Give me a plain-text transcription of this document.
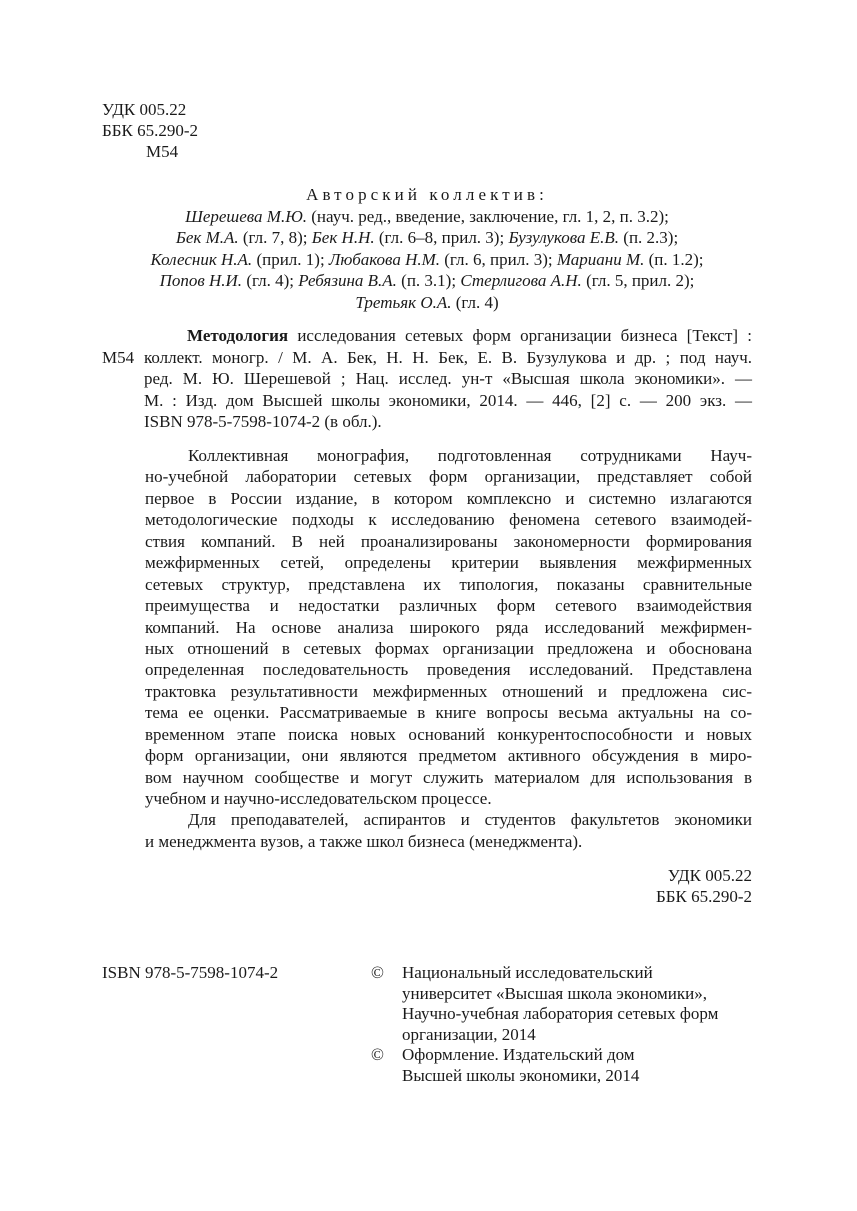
УДК 005.22
ББК 65.290-2
М54
Авторский коллектив:
Шерешева М.Ю. (науч. ред., введение, заключение, гл. 1, 2, п. 3.2);
Бек М.А. (гл. 7, 8); Бек Н.Н. (гл. 6–8, прил. 3); Бузулукова Е.В. (п. 2.3);
Колесник Н.А. (прил. 1); Любакова Н.М. (гл. 6, прил. 3); Мариани М. (п. 1.2);
Попов Н.И. (гл. 4); Ребязина В.А. (п. 3.1); Стерлигова А.Н. (гл. 5, прил. 2);
Третьяк О.А. (гл. 4)
М54
Методология исследования сетевых форм организации бизнеса [Текст] :
коллект. моногр. / М. А. Бек, Н. Н. Бек, Е. В. Бузулукова и др. ; под науч.
ред. М. Ю. Шерешевой ; Нац. исслед. ун-т «Высшая школа экономики». —
М. : Изд. дом Высшей школы экономики, 2014. — 446, [2] с. — 200 экз. —
ISBN 978-5-7598-1074-2 (в обл.).
Коллективная монография, подготовленная сотрудниками Науч-
но-учебной лаборатории сетевых форм организации, представляет собой
первое в России издание, в котором комплексно и системно излагаются
методологические подходы к исследованию феномена сетевого взаимодей-
ствия компаний. В ней проанализированы закономерности формирования
межфирменных сетей, определены критерии выявления межфирменных
сетевых структур, представлена их типология, показаны сравнительные
преимущества и недостатки различных форм сетевого взаимодействия
компаний. На основе анализа широкого ряда исследований межфирмен-
ных отношений в сетевых формах организации предложена и обоснована
определенная последовательность проведения исследований. Представлена
трактовка результативности межфирменных отношений и предложена сис-
тема ее оценки. Рассматриваемые в книге вопросы весьма актуальны на со-
временном этапе поиска новых оснований конкурентоспособности и новых
форм организации, они являются предметом активного обсуждения в миро-
вом научном сообществе и могут служить материалом для использования в
учебном и научно-исследовательском процессе.
Для преподавателей, аспирантов и студентов факультетов экономики
и менеджмента вузов, а также школ бизнеса (менеджмента).
УДК 005.22
ББК 65.290-2
ISBN 978-5-7598-1074-2	© Национальный исследовательский
университет «Высшая школа экономики»,
Научно-учебная лаборатория сетевых форм
организации, 2014
© Оформление. Издательский дом
Высшей школы экономики, 2014
